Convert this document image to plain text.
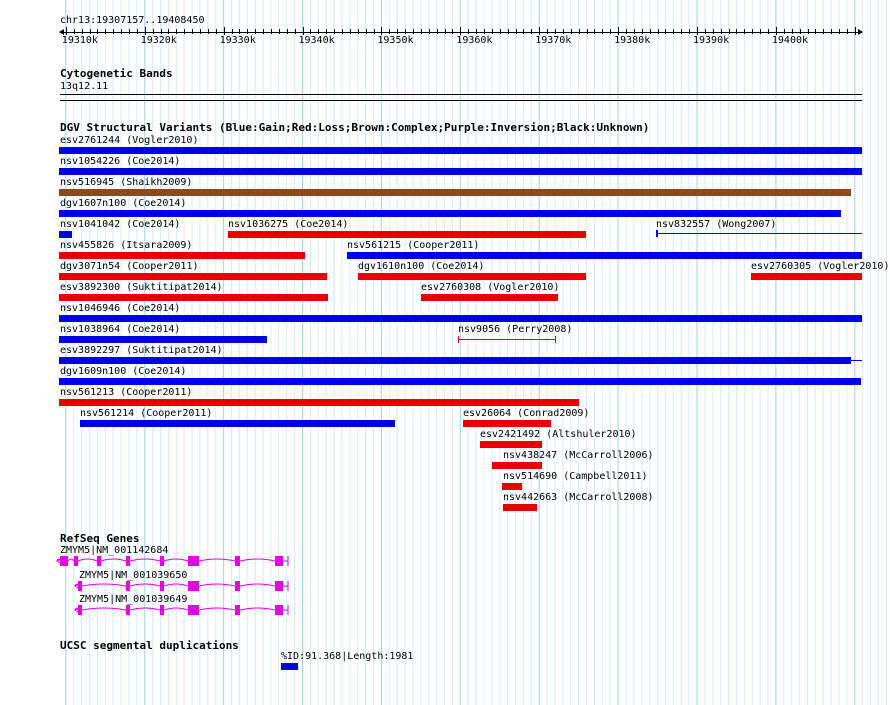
chr13:19307157..19408450
19310k	19320k	19330k	19340k	19350k	19360k	19370k	19380k	19390k	19400k
Cytogenetic Bands
13q12.11
DGV Structural Variants (Blue:Gain;Red:Loss;Brown:Complex;Purple:Inversion;Black:Unknown)
esv2761244 (Vogler2010)
nsv1054226 (Coe2014)
nsv516945 (Shaikh2009)
dgv1607n100 (Coe2014)
nsv1041042 (Coe2014)	nsv1036275 (Coe2014)	nsv832557 (Wong2007)
nsv455826 (Itsara2009)	nsv561215 (Cooper2011)
dgv3071n54 (Cooper2011)	dgv1610n100 (Coe2014)	esv2760305 (Vogler2010)
esv3892300 (Suktitipat2014)	esv2760308 (Vogler2010)
nsv1046946 (Coe2014)
nsv1038964 (Coe2014)	nsv9056 (Perry2008)
esv3892297 (Suktitipat2014)
dgv1609n100 (Coe2014)
nsv561213 (Cooper2011)
nsv561214 (Cooper2011)	esv26064 (Conrad2009)
esv2421492 (Altshuler2010)
nsv438247 (McCarroll2006)
nsv514690 (Campbell2011)
nsv442663 (McCarroll2008)
RefSeq Genes
ZMYM5|NM_001142684
ZMYM5|NM_001039650
ZMYM5|NM_001039649
UCSC segmental duplications
%ID:91.368|Length:1981
